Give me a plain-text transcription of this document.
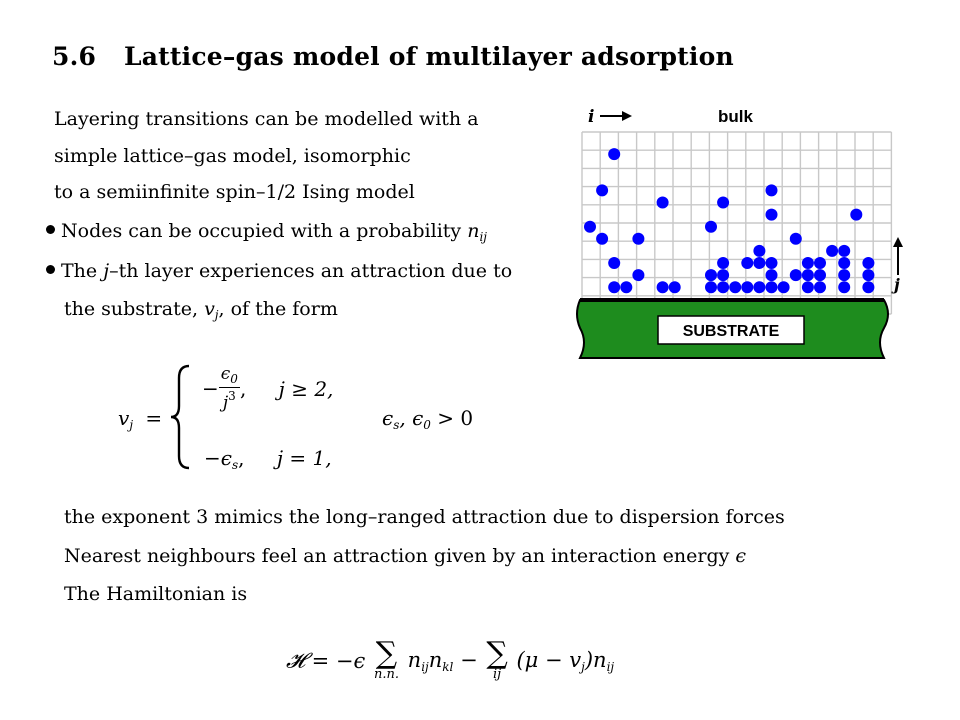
5.6 Lattice–gas model of multilayer adsorption
Layering transitions can be modelled with a
simple lattice–gas model, isomorphic
to a semiinfinite spin–1/2 Ising model
Nodes can be occupied with a probability $n_{ij}$
The j–th layer experiences an attraction due to
the substrate, $v_j$, of the form
$v_j$ =
− $\frac{\epsilon_0}{j^3}$ , j ≥ 2,
$\epsilon_s$, $\epsilon_0 > 0$
$-\epsilon_s$, j = 1,
the exponent 3 mimics the long–ranged attraction due to dispersion forces
Nearest neighbours feel an attraction given by an interaction energy ϵ
The Hamiltonian is
𝓗 = −ϵ ∑
n.n.
$n_{ij}n_{kl}$ − ∑
ij
$(\mu - v_j)n_{ij}$
i	bulk
j
SUBSTRATE
